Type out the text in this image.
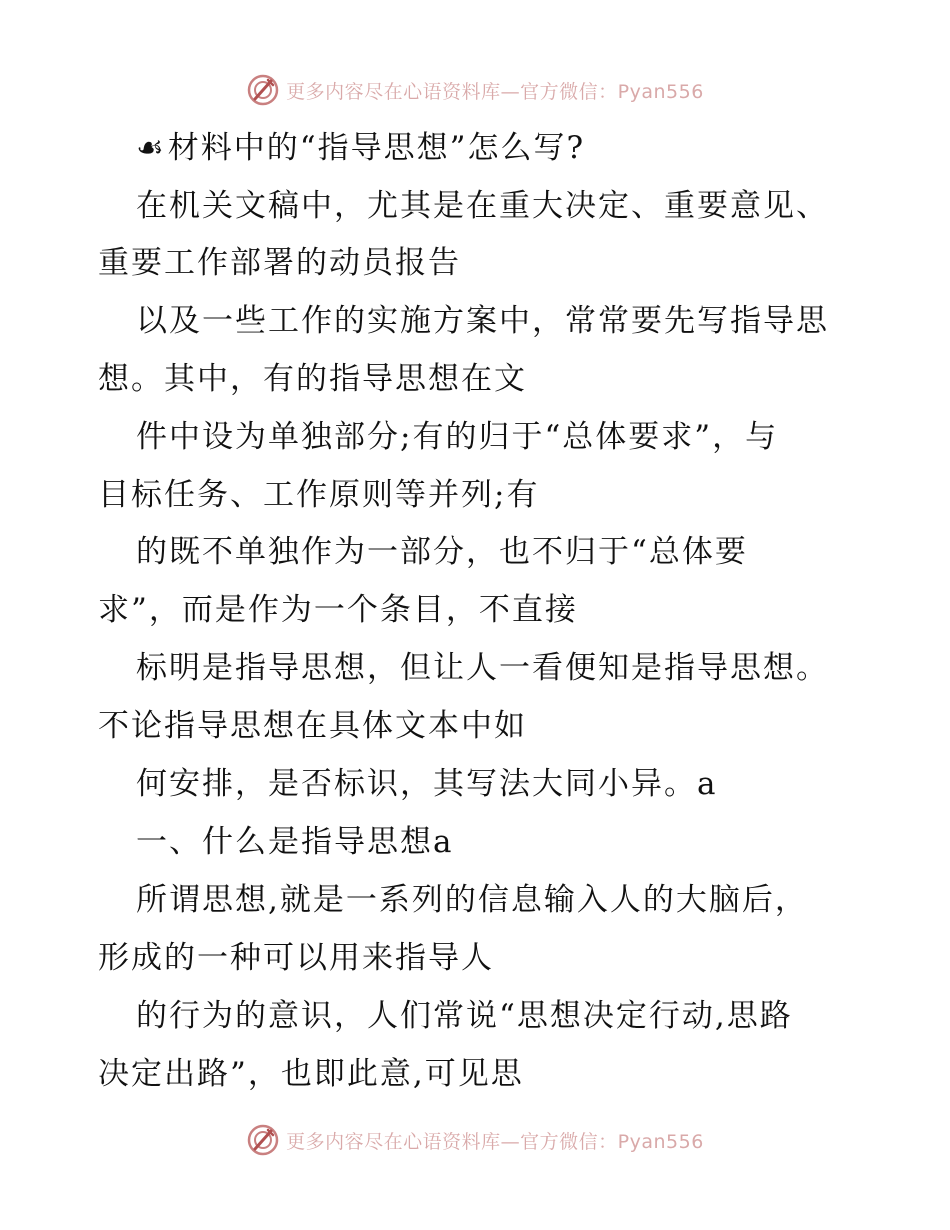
更多内容尽在心语资料库—官方微信：Pyan556
☙材料中的“指导思想”怎么写?
在机关文稿中，尤其是在重大决定、重要意见、
重要工作部署的动员报告
以及一些工作的实施方案中，常常要先写指导思
想。其中，有的指导思想在文
件中设为单独部分;有的归于“总体要求”，与
目标任务、工作原则等并列;有
的既不单独作为一部分，也不归于“总体要
求”，而是作为一个条目，不直接
标明是指导思想，但让人一看便知是指导思想。
不论指导思想在具体文本中如
何安排，是否标识，其写法大同小异。a
一、什么是指导思想a
所谓思想,就是一系列的信息输入人的大脑后，
形成的一种可以用来指导人
的行为的意识，人们常说“思想决定行动,思路
决定出路”，也即此意,可见思
更多内容尽在心语资料库—官方微信：Pyan556
